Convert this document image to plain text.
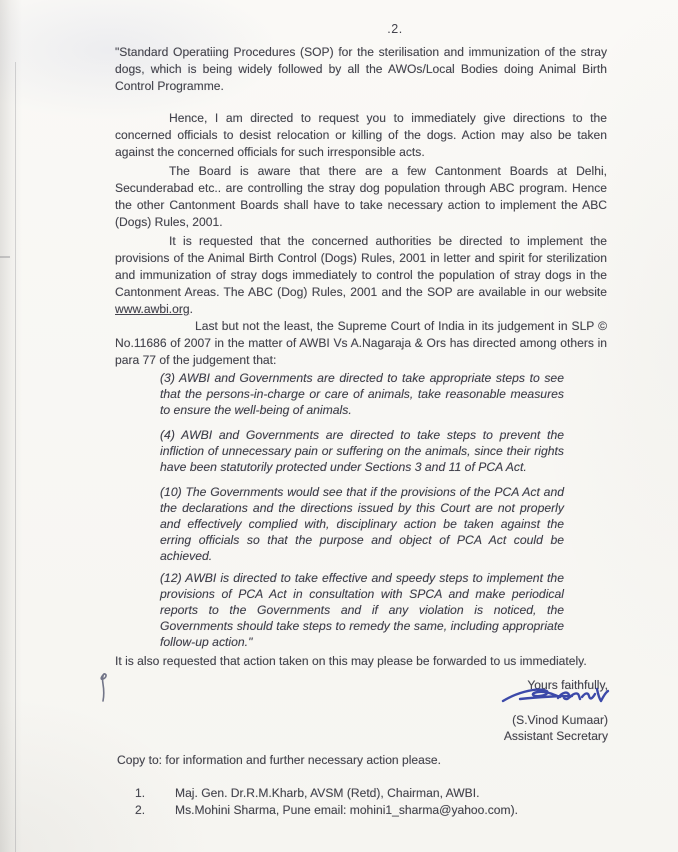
.2.
"Standard Operatiing Procedures (SOP) for the sterilisation and immunization of the stray dogs, which is being widely followed by all the AWOs/Local Bodies doing Animal Birth Control Programme.
Hence, I am directed to request you to immediately give directions to the concerned officials to desist relocation or killing of the dogs. Action may also be taken against the concerned officials for such irresponsible acts.
The Board is aware that there are a few Cantonment Boards at Delhi, Secunderabad etc.. are controlling the stray dog population through ABC program. Hence the other Cantonment Boards shall have to take necessary action to implement the ABC (Dogs) Rules, 2001.
It is requested that the concerned authorities be directed to implement the provisions of the Animal Birth Control (Dogs) Rules, 2001 in letter and spirit for sterilization and immunization of stray dogs immediately to control the population of stray dogs in the Cantonment Areas. The ABC (Dog) Rules, 2001 and the SOP are available in our website www.awbi.org.
Last but not the least, the Supreme Court of India in its judgement in SLP © No.11686 of 2007 in the matter of AWBI Vs A.Nagaraja & Ors has directed among others in para 77 of the judgement that:
(3) AWBI and Governments are directed to take appropriate steps to see that the persons-in-charge or care of animals, take reasonable measures to ensure the well-being of animals.
(4) AWBI and Governments are directed to take steps to prevent the infliction of unnecessary pain or suffering on the animals, since their rights have been statutorily protected under Sections 3 and 11 of PCA Act.
(10) The Governments would see that if the provisions of the PCA Act and the declarations and the directions issued by this Court are not properly and effectively complied with, disciplinary action be taken against the erring officials so that the purpose and object of PCA Act could be achieved.
(12) AWBI is directed to take effective and speedy steps to implement the provisions of PCA Act in consultation with SPCA and make periodical reports to the Governments and if any violation is noticed, the Governments should take steps to remedy the same, including appropriate follow-up action."
It is also requested that action taken on this may please be forwarded to us immediately.
Yours faithfully,
(S.Vinod Kumaar)
Assistant Secretary
Copy to: for information and further necessary action please.
1.	Maj. Gen. Dr.R.M.Kharb, AVSM (Retd), Chairman, AWBI.
2.	Ms.Mohini Sharma, Pune email: mohini1_sharma@yahoo.com).
